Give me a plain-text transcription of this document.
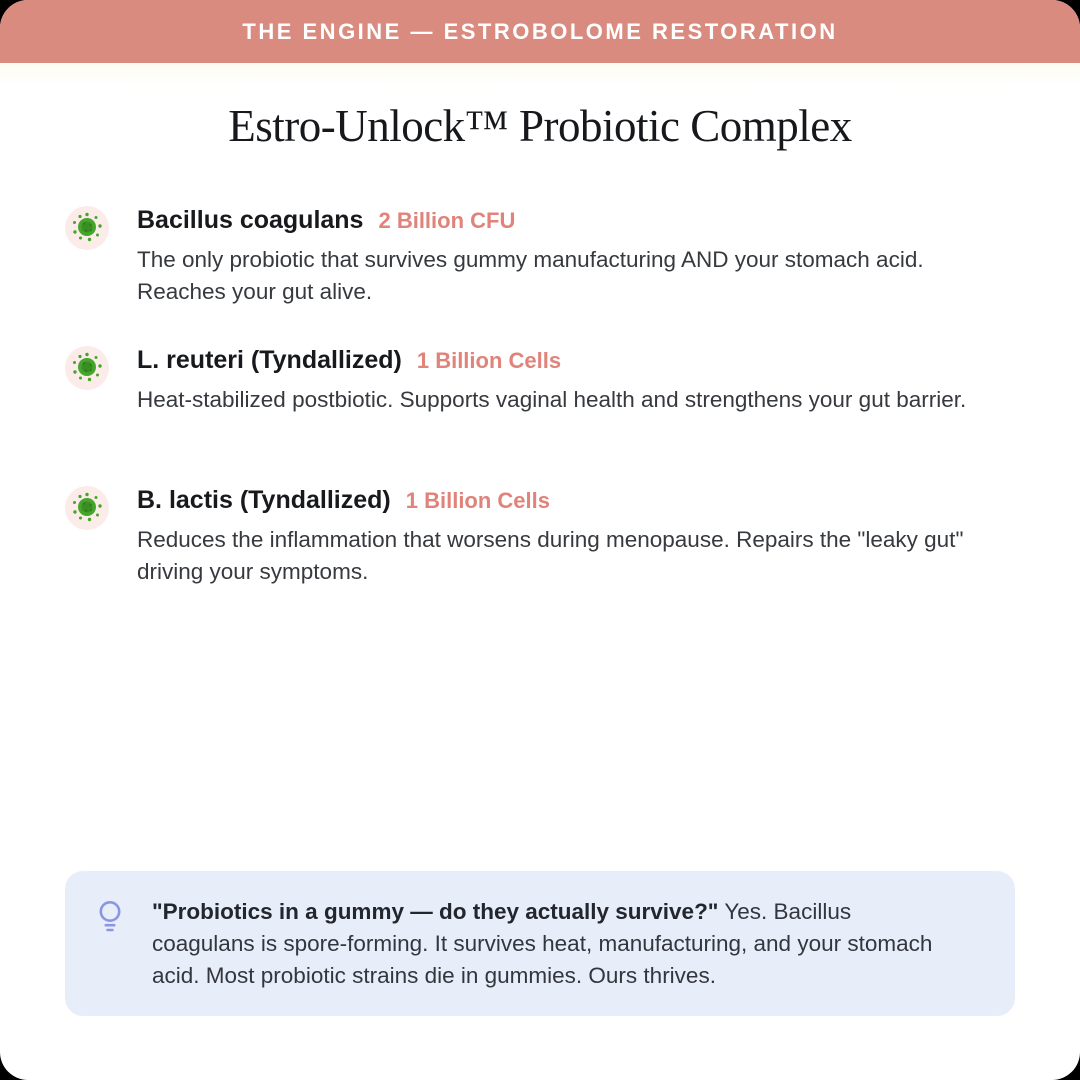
THE ENGINE — ESTROBOLOME RESTORATION
Estro-Unlock™ Probiotic Complex
Bacillus coagulans 2 Billion CFU

The only probiotic that survives gummy manufacturing AND your stomach acid. Reaches your gut alive.

L. reuteri (Tyndallized) 1 Billion Cells

Heat-stabilized postbiotic. Supports vaginal health and strengthens your gut barrier.

B. lactis (Tyndallized) 1 Billion Cells

Reduces the inflammation that worsens during menopause. Repairs the "leaky gut" driving your symptoms.

"Probiotics in a gummy — do they actually survive?" Yes. Bacillus coagulans is spore-forming. It survives heat, manufacturing, and your stomach acid. Most probiotic strains die in gummies. Ours thrives.
